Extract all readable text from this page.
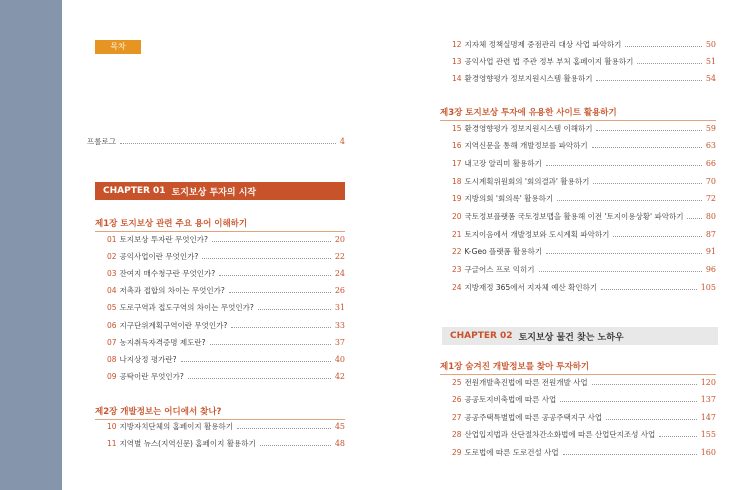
목차
프롤로그	4
CHAPTER 01 토지보상 투자의 시작
제1장 토지보상 관련 주요 용어 이해하기
01 토지보상 투자란 무엇인가?	20
02 공익사업이란 무엇인가?	22
03 잔여지 매수청구란 무엇인가?	24
04 저촉과 접합의 차이는 무엇인가?	26
05 도로구역과 접도구역의 차이는 무엇인가?	31
06 지구단위계획구역이란 무엇인가?	33
07 농지취득자격증명 제도란?	37
08 나지상정 평가란?	40
09 공탁이란 무엇인가?	42
제2장 개발정보는 어디에서 찾나?
10 지방자치단체의 홈페이지 활용하기	45
11 지역별 뉴스(지역신문) 홈페이지 활용하기	48
12 지자체 정책실명제 중점관리 대상 사업 파악하기	50
13 공익사업 관련 법 주관 정부 부처 홈페이지 활용하기	51
14 환경영향평가 정보지원시스템 활용하기	54
제3장 토지보상 투자에 유용한 사이트 활용하기
15 환경영향평가 정보지원시스템 이해하기	59
16 지역신문을 통해 개발정보를 파악하기	63
17 내고장 알리미 활용하기	66
18 도시계획위원회의 '회의결과' 활용하기	70
19 지방의회 '회의록' 활용하기	72
20 국토정보플랫폼 국토정보맵을 활용해 이전 '토지이용상황' 파악하기	80
21 토지이음에서 개발정보와 도시계획 파악하기	87
22 K-Geo 플랫폼 활용하기	91
23 구글어스 프로 익히기	96
24 지방재정 365에서 지자체 예산 확인하기	105
CHAPTER 02 토지보상 물건 찾는 노하우
제1장 숨겨진 개발정보를 찾아 투자하기
25 전원개발촉진법에 따른 전원개발 사업	120
26 공공토지비축법에 따른 사업	137
27 공공주택특별법에 따른 공공주택지구 사업	147
28 산업입지법과 산단절차간소화법에 따른 산업단지조성 사업	155
29 도로법에 따른 도로건설 사업	160
